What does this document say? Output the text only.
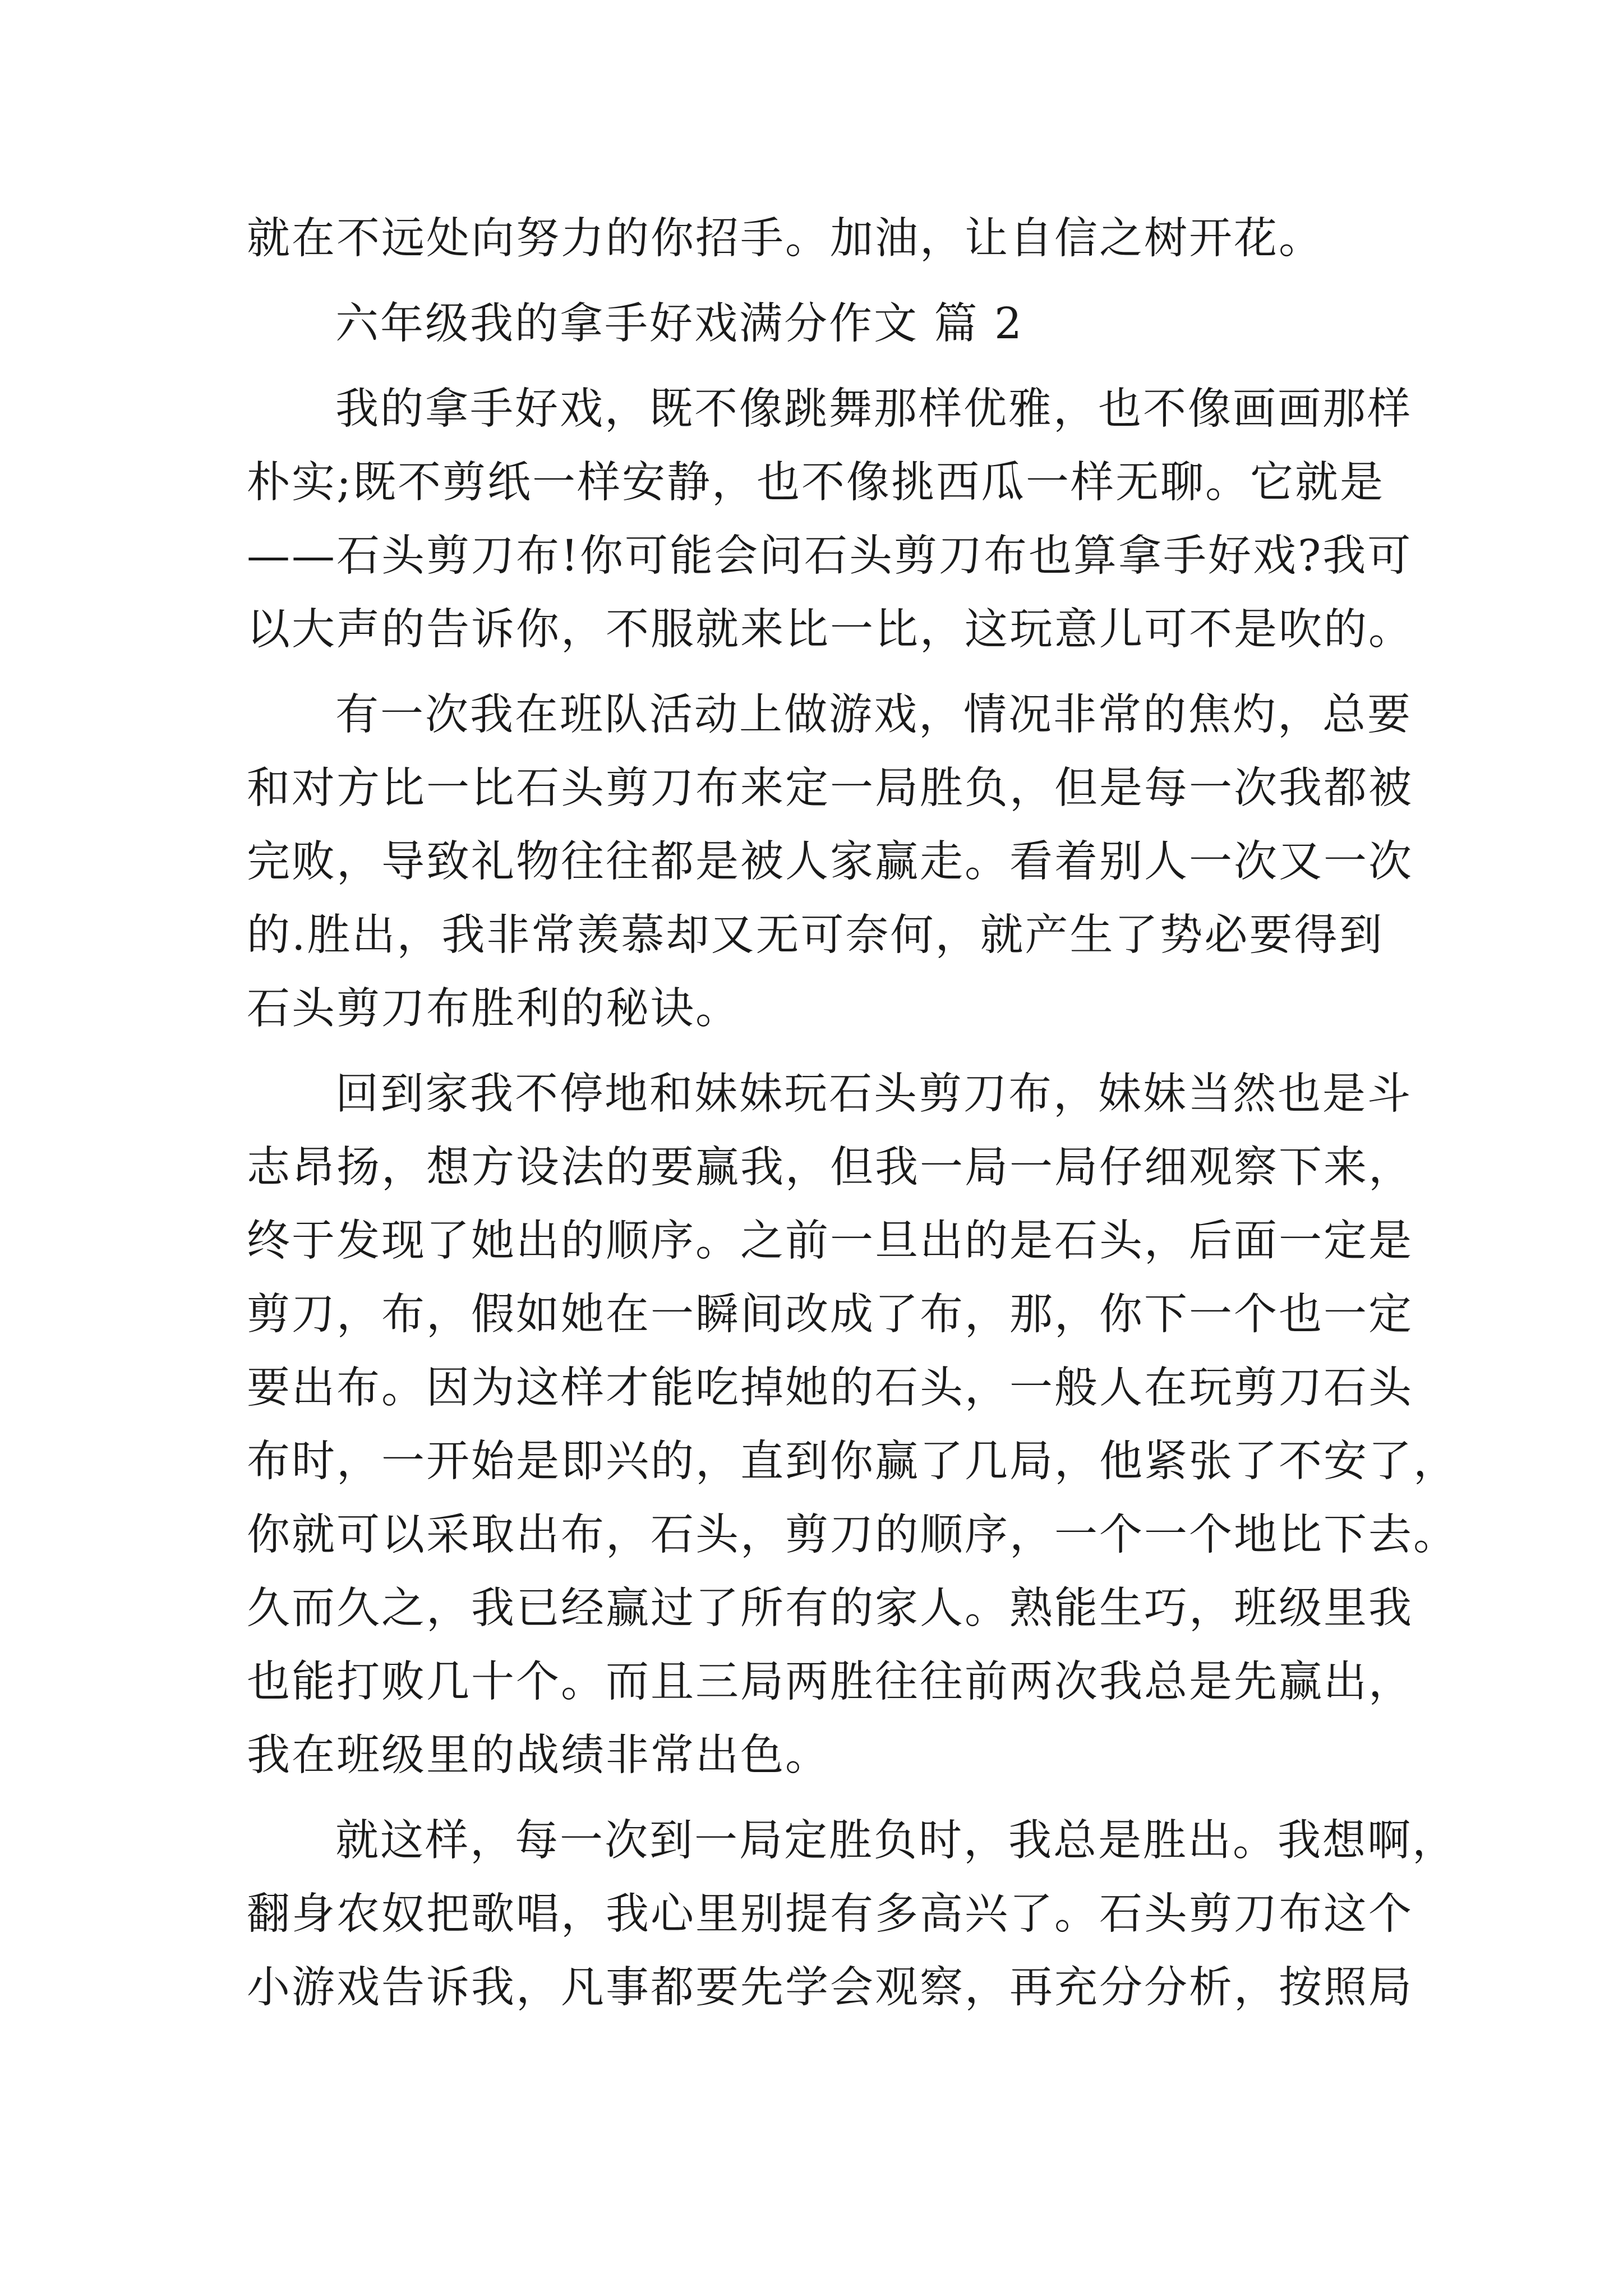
就在不远处向努力的你招手。加油，让自信之树开花。
六年级我的拿手好戏满分作文 篇 2
我的拿手好戏，既不像跳舞那样优雅，也不像画画那样
朴实;既不剪纸一样安静，也不像挑西瓜一样无聊。它就是
——石头剪刀布!你可能会问石头剪刀布也算拿手好戏?我可
以大声的告诉你，不服就来比一比，这玩意儿可不是吹的。
有一次我在班队活动上做游戏，情况非常的焦灼，总要
和对方比一比石头剪刀布来定一局胜负，但是每一次我都被
完败，导致礼物往往都是被人家赢走。看着别人一次又一次
的.胜出，我非常羡慕却又无可奈何，就产生了势必要得到
石头剪刀布胜利的秘诀。
回到家我不停地和妹妹玩石头剪刀布，妹妹当然也是斗
志昂扬，想方设法的要赢我，但我一局一局仔细观察下来，
终于发现了她出的顺序。之前一旦出的是石头，后面一定是
剪刀，布，假如她在一瞬间改成了布，那，你下一个也一定
要出布。因为这样才能吃掉她的石头，一般人在玩剪刀石头
布时，一开始是即兴的，直到你赢了几局，他紧张了不安了，
你就可以采取出布，石头，剪刀的顺序，一个一个地比下去。
久而久之，我已经赢过了所有的家人。熟能生巧，班级里我
也能打败几十个。而且三局两胜往往前两次我总是先赢出，
我在班级里的战绩非常出色。
就这样，每一次到一局定胜负时，我总是胜出。我想啊，
翻身农奴把歌唱，我心里别提有多高兴了。石头剪刀布这个
小游戏告诉我，凡事都要先学会观察，再充分分析，按照局
